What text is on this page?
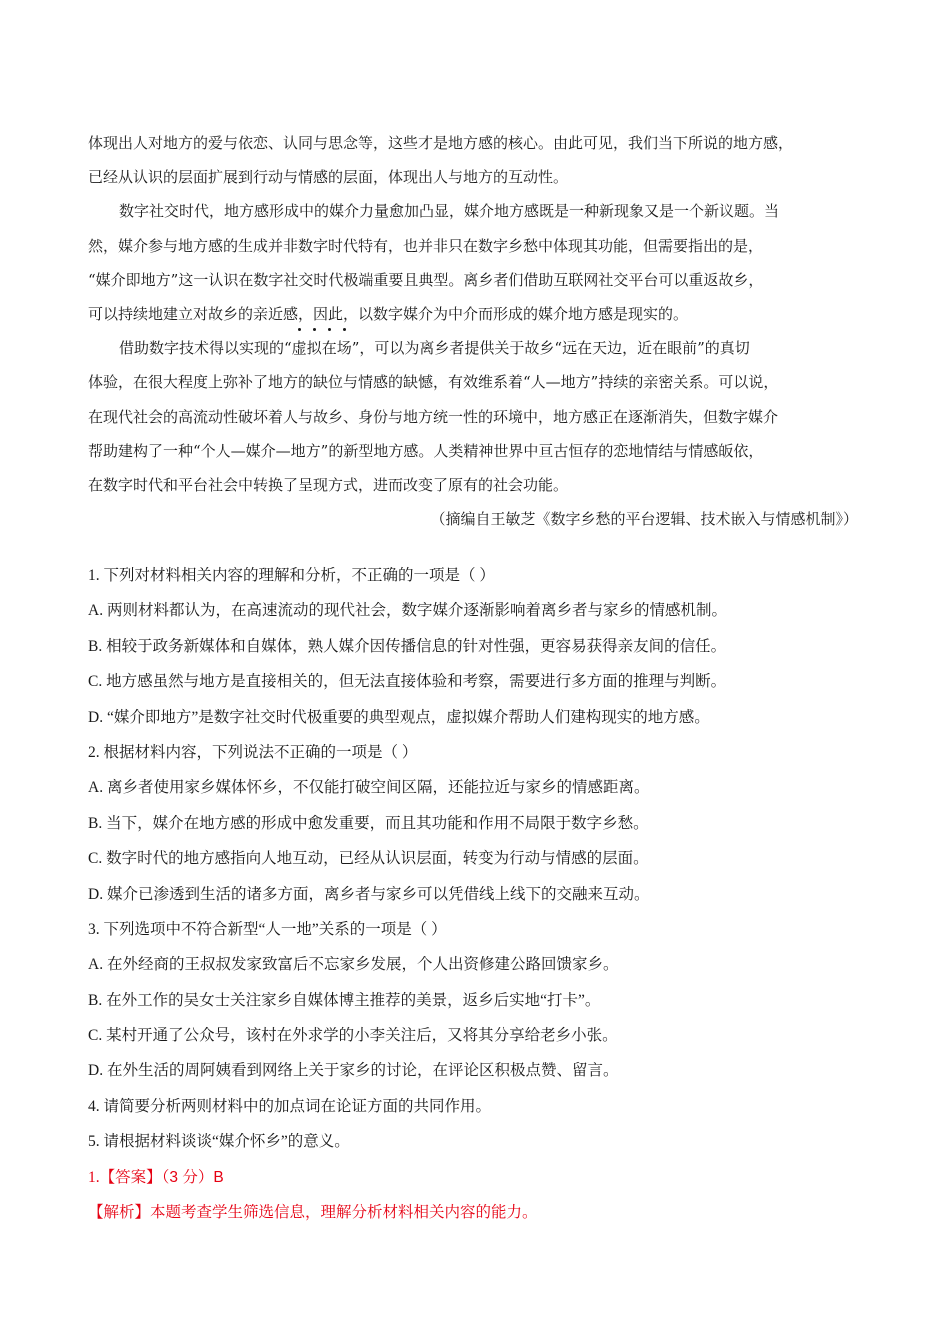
体现出人对地方的爱与依恋、认同与思念等，这些才是地方感的核心。由此可见，我们当下所说的地方感，
已经从认识的层面扩展到行动与情感的层面，体现出人与地方的互动性。
数字社交时代，地方感形成中的媒介力量愈加凸显，媒介地方感既是一种新现象又是一个新议题。当
然，媒介参与地方感的生成并非数字时代特有，也并非只在数字乡愁中体现其功能，但需要指出的是，
“媒介即地方”这一认识在数字社交时代极端重要且典型。离乡者们借助互联网社交平台可以重返故乡，
可以持续地建立对故乡的亲近感，因此，以数字媒介为中介而形成的媒介地方感是现实的。
借助数字技术得以实现的“虚拟在场”，可以为离乡者提供关于故乡“远在天边，近在眼前”的真切
体验，在很大程度上弥补了地方的缺位与情感的缺憾，有效维系着“人—地方”持续的亲密关系。可以说，
在现代社会的高流动性破坏着人与故乡、身份与地方统一性的环境中，地方感正在逐渐消失，但数字媒介
帮助建构了一种“个人—媒介—地方”的新型地方感。人类精神世界中亘古恒存的恋地情结与情感皈依，
在数字时代和平台社会中转换了呈现方式，进而改变了原有的社会功能。
（摘编自王敏芝《数字乡愁的平台逻辑、技术嵌入与情感机制》）
1. 下列对材料相关内容的理解和分析，不正确的一项是（ ）
A. 两则材料都认为，在高速流动的现代社会，数字媒介逐渐影响着离乡者与家乡的情感机制。
B. 相较于政务新媒体和自媒体，熟人媒介因传播信息的针对性强，更容易获得亲友间的信任。
C. 地方感虽然与地方是直接相关的，但无法直接体验和考察，需要进行多方面的推理与判断。
D. “媒介即地方”是数字社交时代极重要的典型观点，虚拟媒介帮助人们建构现实的地方感。
2. 根据材料内容，下列说法不正确的一项是（ ）
A. 离乡者使用家乡媒体怀乡，不仅能打破空间区隔，还能拉近与家乡的情感距离。
B. 当下，媒介在地方感的形成中愈发重要，而且其功能和作用不局限于数字乡愁。
C. 数字时代的地方感指向人地互动，已经从认识层面，转变为行动与情感的层面。
D. 媒介已渗透到生活的诸多方面，离乡者与家乡可以凭借线上线下的交融来互动。
3. 下列选项中不符合新型“人一地”关系的一项是（ ）
A. 在外经商的王叔叔发家致富后不忘家乡发展，个人出资修建公路回馈家乡。
B. 在外工作的吴女士关注家乡自媒体博主推荐的美景，返乡后实地“打卡”。
C. 某村开通了公众号，该村在外求学的小李关注后，又将其分享给老乡小张。
D. 在外生活的周阿姨看到网络上关于家乡的讨论，在评论区积极点赞、留言。
4. 请简要分析两则材料中的加点词在论证方面的共同作用。
5. 请根据材料谈谈“媒介怀乡”的意义。
1.【答案】（3 分）B
【解析】本题考查学生筛选信息，理解分析材料相关内容的能力。
